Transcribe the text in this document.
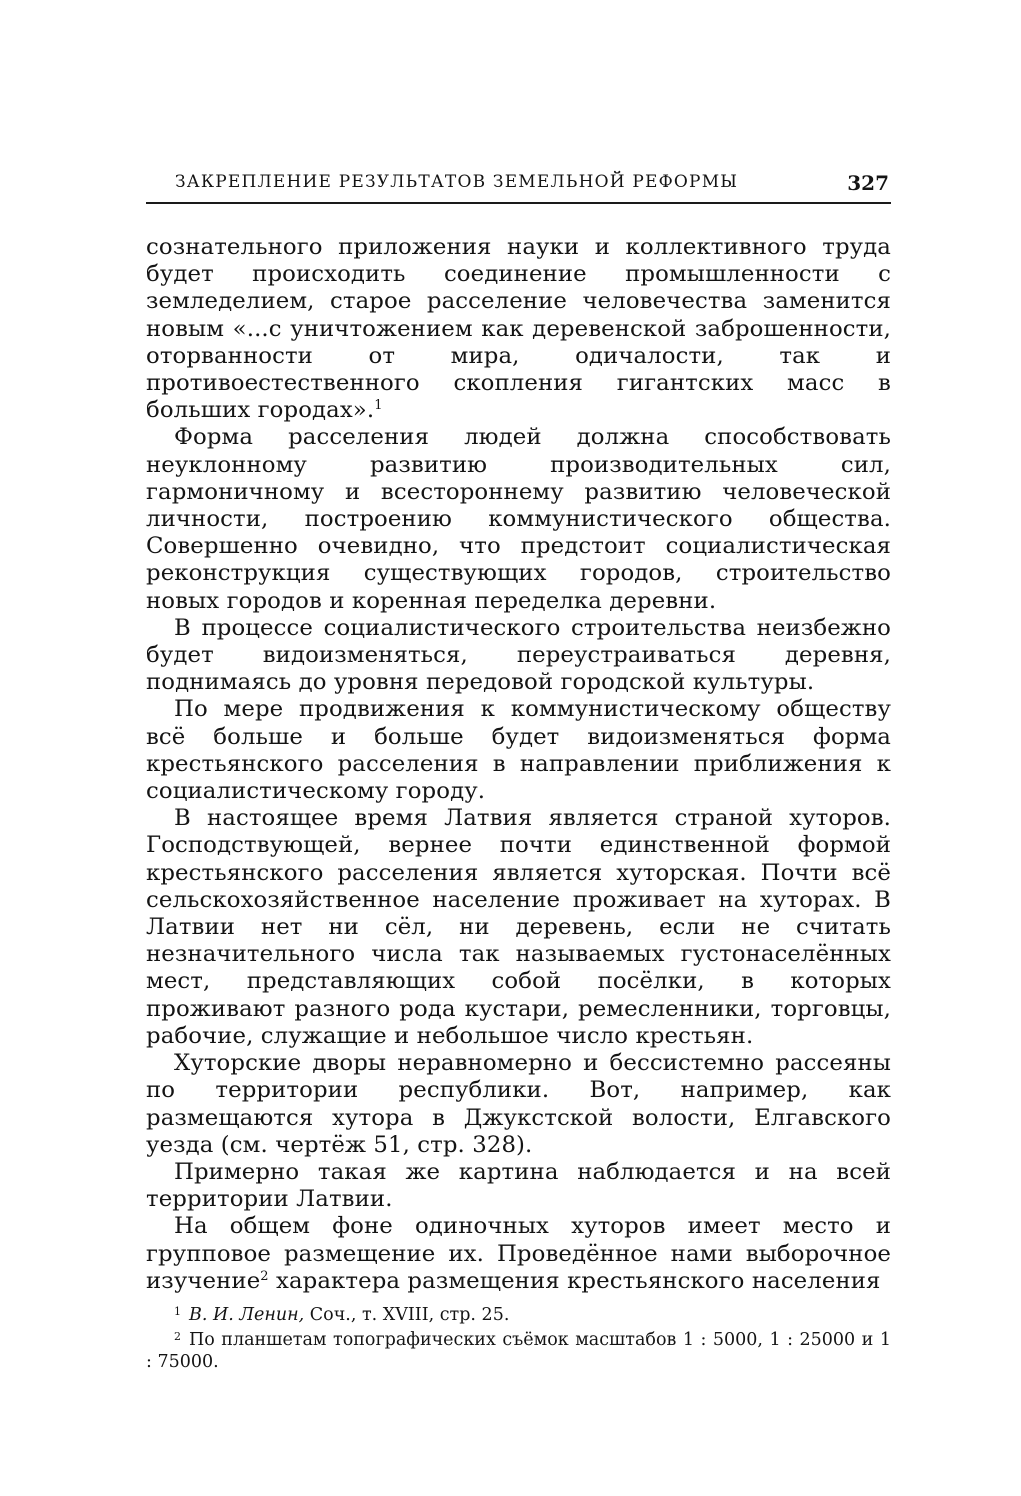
ЗАКРЕПЛЕНИЕ РЕЗУЛЬТАТОВ ЗЕМЕЛЬНОЙ РЕФОРМЫ	327

сознательного приложения науки и коллективного труда будет происходить соединение промышленности с земледелием, старое расселение человечества заменится новым «...с уничтожением как деревенской заброшенности, оторванности от мира, одичалости, так и противоестественного скопления гигантских масс в больших городах».$^1$

Форма расселения людей должна способствовать неуклонному развитию производительных сил, гармоничному и всестороннему развитию человеческой личности, построению коммунистического общества. Совершенно очевидно, что предстоит социалистическая реконструкция существующих городов, строительство новых городов и коренная переделка деревни.

В процессе социалистического строительства неизбежно будет видоизменяться, переустраиваться деревня, поднимаясь до уровня передовой городской культуры.

По мере продвижения к коммунистическому обществу всё больше и больше будет видоизменяться форма крестьянского расселения в направлении приближения к социалистическому городу.

В настоящее время Латвия является страной хуторов. Господствующей, вернее почти единственной формой крестьянского расселения является хуторская. Почти всё сельскохозяйственное население проживает на хуторах. В Латвии нет ни сёл, ни деревень, если не считать незначительного числа так называемых густонаселённых мест, представляющих собой посёлки, в которых проживают разного рода кустари, ремесленники, торговцы, рабочие, служащие и небольшое число крестьян.

Хуторские дворы неравномерно и бессистемно рассеяны по территории республики. Вот, например, как размещаются хутора в Джукстской волости, Елгавского уезда (см. чертёж 51, стр. 328).

Примерно такая же картина наблюдается и на всей территории Латвии.

На общем фоне одиночных хуторов имеет место и групповое размещение их. Проведённое нами выборочное изучение$^2$ характера размещения крестьянского населения

$^1$ В. И. Ленин, Соч., т. XVIII, стр. 25.

$^2$ По планшетам топографических съёмок масштабов 1 : 5000, 1 : 25000 и 1 : 75000.
